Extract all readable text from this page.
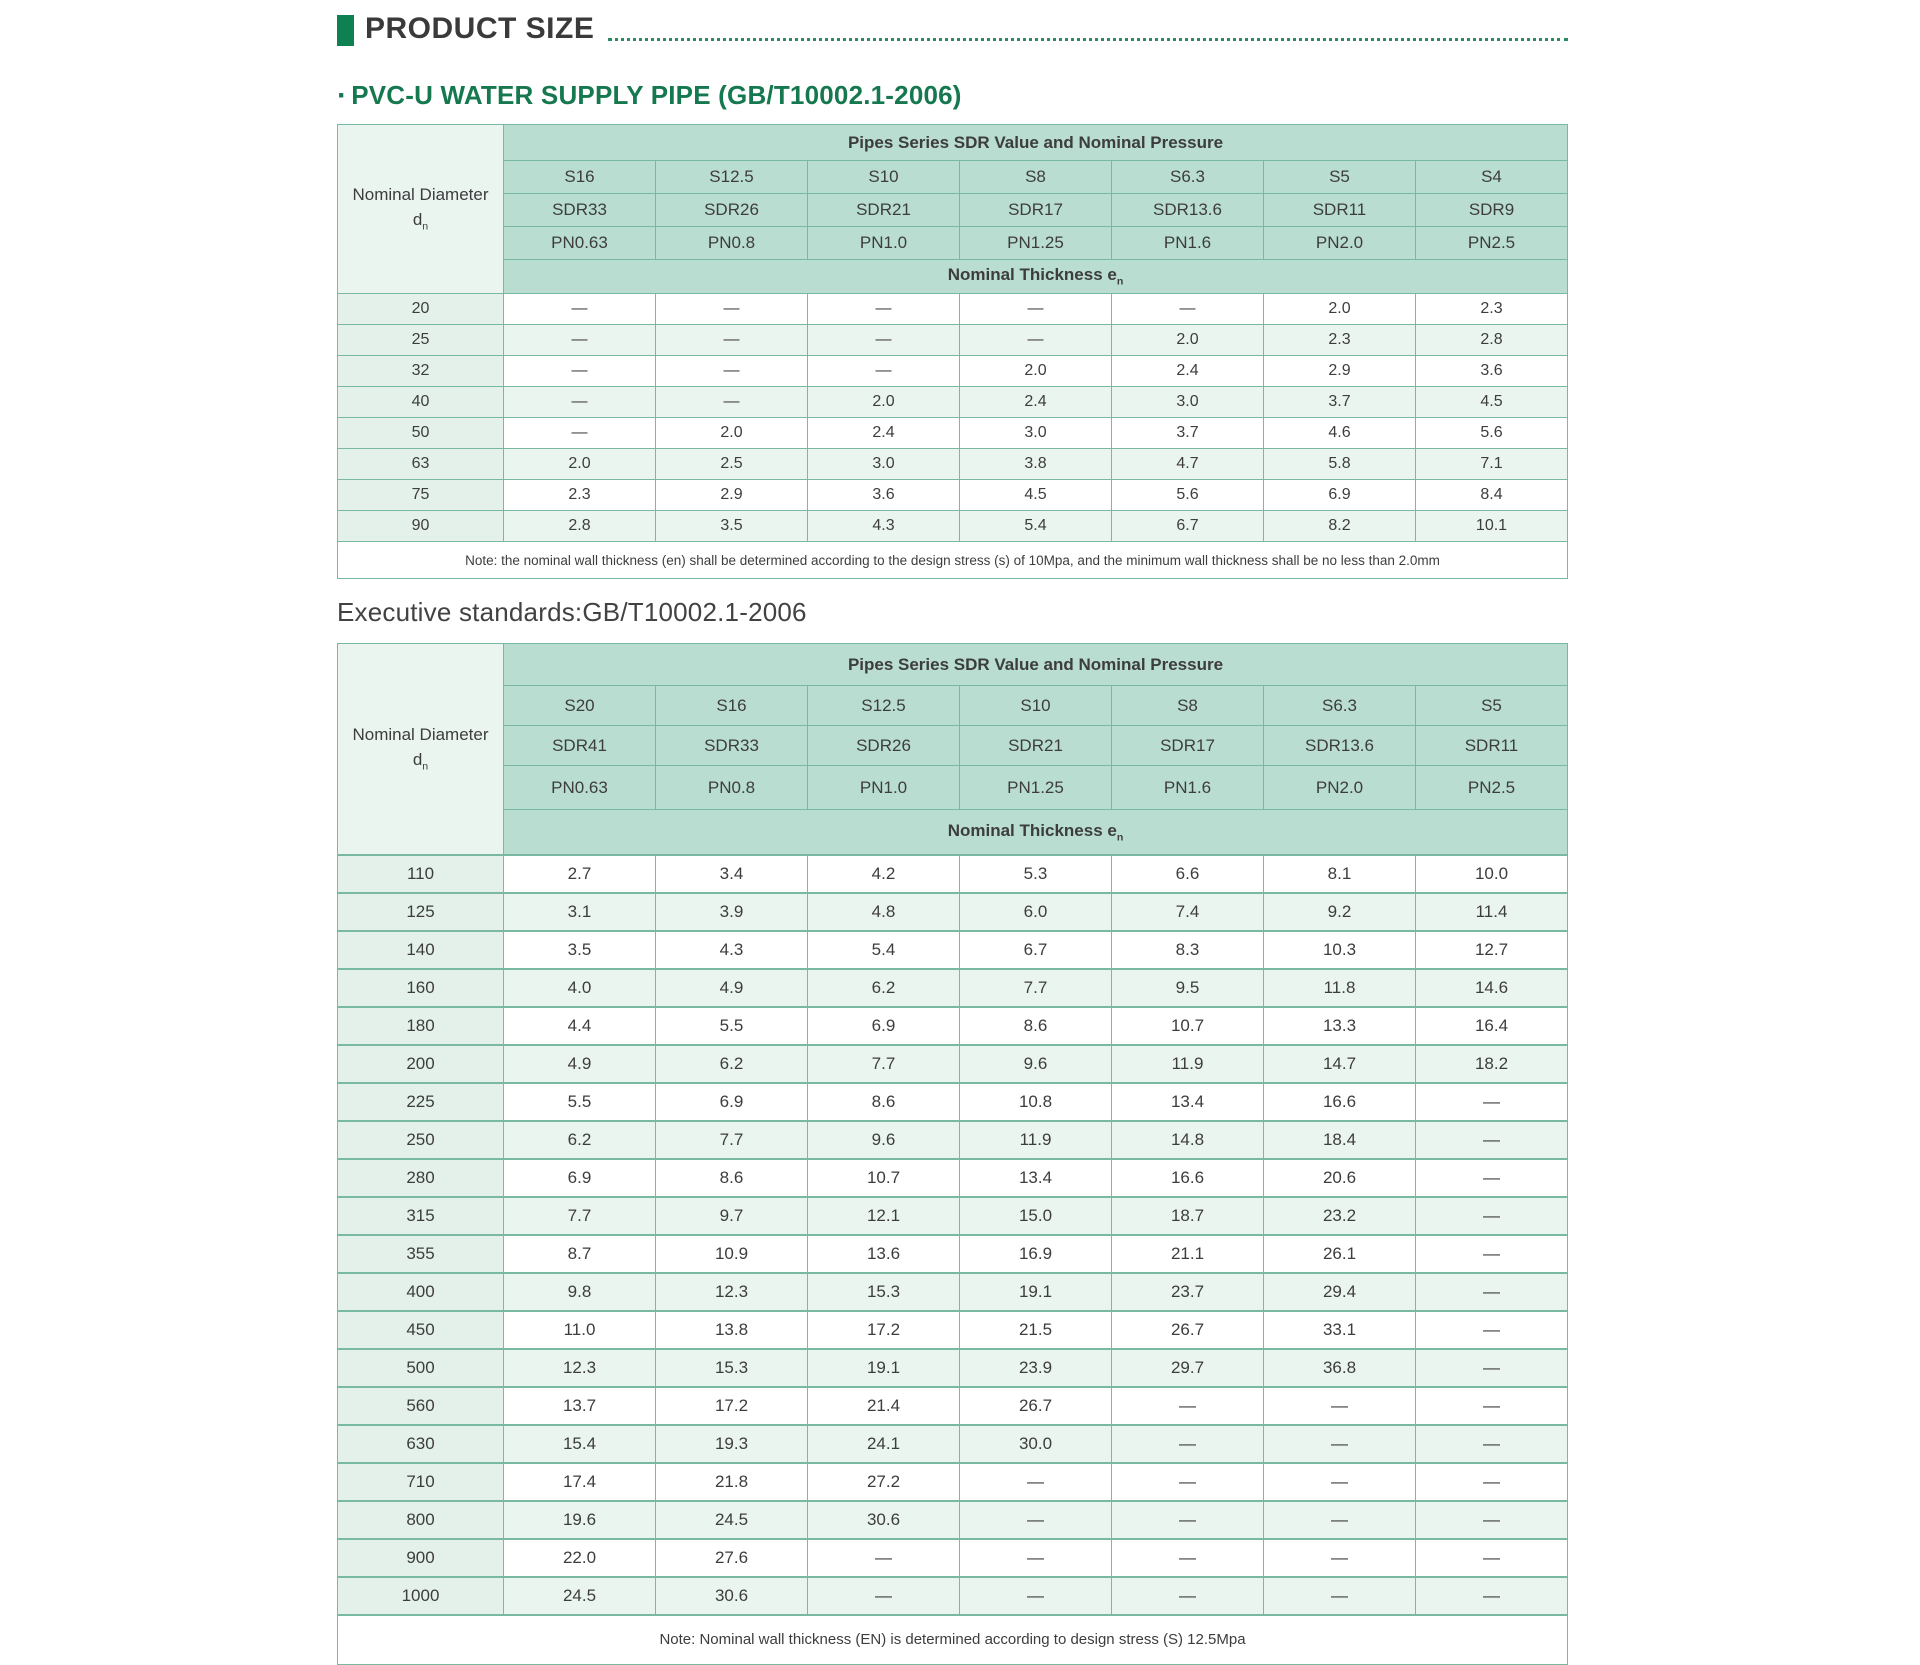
PRODUCT SIZE
· PVC-U WATER SUPPLY PIPE (GB/T10002.1-2006)
Nominal Diameter
$d_n$	Pipes Series SDR Value and Nominal Pressure						
	S16	S12.5	S10	S8	S6.3	S5	S4
	SDR33	SDR26	SDR21	SDR17	SDR13.6	SDR11	SDR9
	PN0.63	PN0.8	PN1.0	PN1.25	PN1.6	PN2.0	PN2.5
	Nominal Thickness $e_n$
20	—	—	—	—	—	2.0	2.3
25	—	—	—	—	2.0	2.3	2.8
32	—	—	—	2.0	2.4	2.9	3.6
40	—	—	2.0	2.4	3.0	3.7	4.5
50	—	2.0	2.4	3.0	3.7	4.6	5.6
63	2.0	2.5	3.0	3.8	4.7	5.8	7.1
75	2.3	2.9	3.6	4.5	5.6	6.9	8.4
90	2.8	3.5	4.3	5.4	6.7	8.2	10.1
Note: the nominal wall thickness (en) shall be determined according to the design stress (s) of 10Mpa, and the minimum wall thickness shall be no less than 2.0mm							
Executive standards:GB/T10002.1-2006
Nominal Diameter
$d_n$	Pipes Series SDR Value and Nominal Pressure						
	S20	S16	S12.5	S10	S8	S6.3	S5
	SDR41	SDR33	SDR26	SDR21	SDR17	SDR13.6	SDR11
	PN0.63	PN0.8	PN1.0	PN1.25	PN1.6	PN2.0	PN2.5
	Nominal Thickness $e_n$
110	2.7	3.4	4.2	5.3	6.6	8.1	10.0
125	3.1	3.9	4.8	6.0	7.4	9.2	11.4
140	3.5	4.3	5.4	6.7	8.3	10.3	12.7
160	4.0	4.9	6.2	7.7	9.5	11.8	14.6
180	4.4	5.5	6.9	8.6	10.7	13.3	16.4
200	4.9	6.2	7.7	9.6	11.9	14.7	18.2
225	5.5	6.9	8.6	10.8	13.4	16.6	—
250	6.2	7.7	9.6	11.9	14.8	18.4	—
280	6.9	8.6	10.7	13.4	16.6	20.6	—
315	7.7	9.7	12.1	15.0	18.7	23.2	—
355	8.7	10.9	13.6	16.9	21.1	26.1	—
400	9.8	12.3	15.3	19.1	23.7	29.4	—
450	11.0	13.8	17.2	21.5	26.7	33.1	—
500	12.3	15.3	19.1	23.9	29.7	36.8	—
560	13.7	17.2	21.4	26.7	—	—	—
630	15.4	19.3	24.1	30.0	—	—	—
710	17.4	21.8	27.2	—	—	—	—
800	19.6	24.5	30.6	—	—	—	—
900	22.0	27.6	—	—	—	—	—
1000	24.5	30.6	—	—	—	—	—
Note: Nominal wall thickness (EN) is determined according to design stress (S) 12.5Mpa							
